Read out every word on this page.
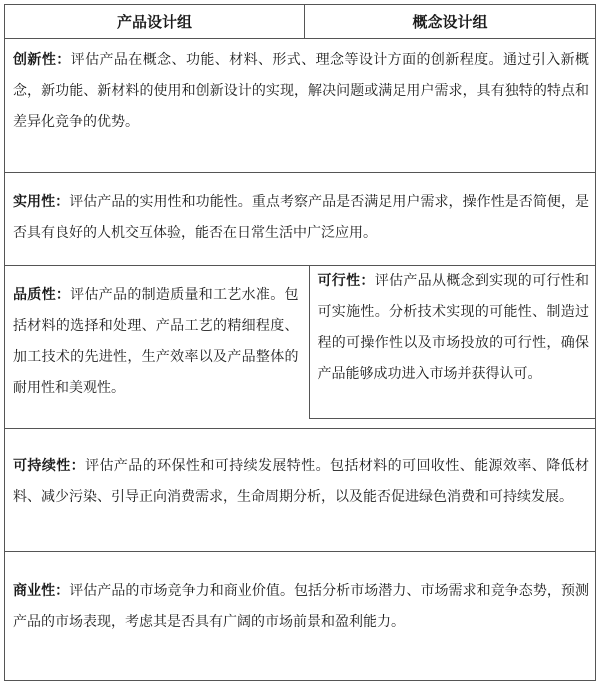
产品设计组	概念设计组

创新性：评估产品在概念、功能、材料、形式、理念等设计方面的创新程度。通过引入新概念，新功能、新材料的使用和创新设计的实现，解决问题或满足用户需求，具有独特的特点和差异化竞争的优势。	

实用性：评估产品的实用性和功能性。重点考察产品是否满足用户需求，操作性是否简便，是否具有良好的人机交互体验，能否在日常生活中广泛应用。	

品质性：评估产品的制造质量和工艺水准。包括材料的选择和处理、产品工艺的精细程度、加工技术的先进性，生产效率以及产品整体的耐用性和美观性。	可行性：评估产品从概念到实现的可行性和可实施性。分析技术实现的可能性、制造过程的可操作性以及市场投放的可行性，确保产品能够成功进入市场并获得认可。

可持续性：评估产品的环保性和可持续发展特性。包括材料的可回收性、能源效率、降低材料、减少污染、引导正向消费需求，生命周期分析，以及能否促进绿色消费和可持续发展。	

商业性：评估产品的市场竞争力和商业价值。包括分析市场潜力、市场需求和竞争态势，预测产品的市场表现，考虑其是否具有广阔的市场前景和盈利能力。	
